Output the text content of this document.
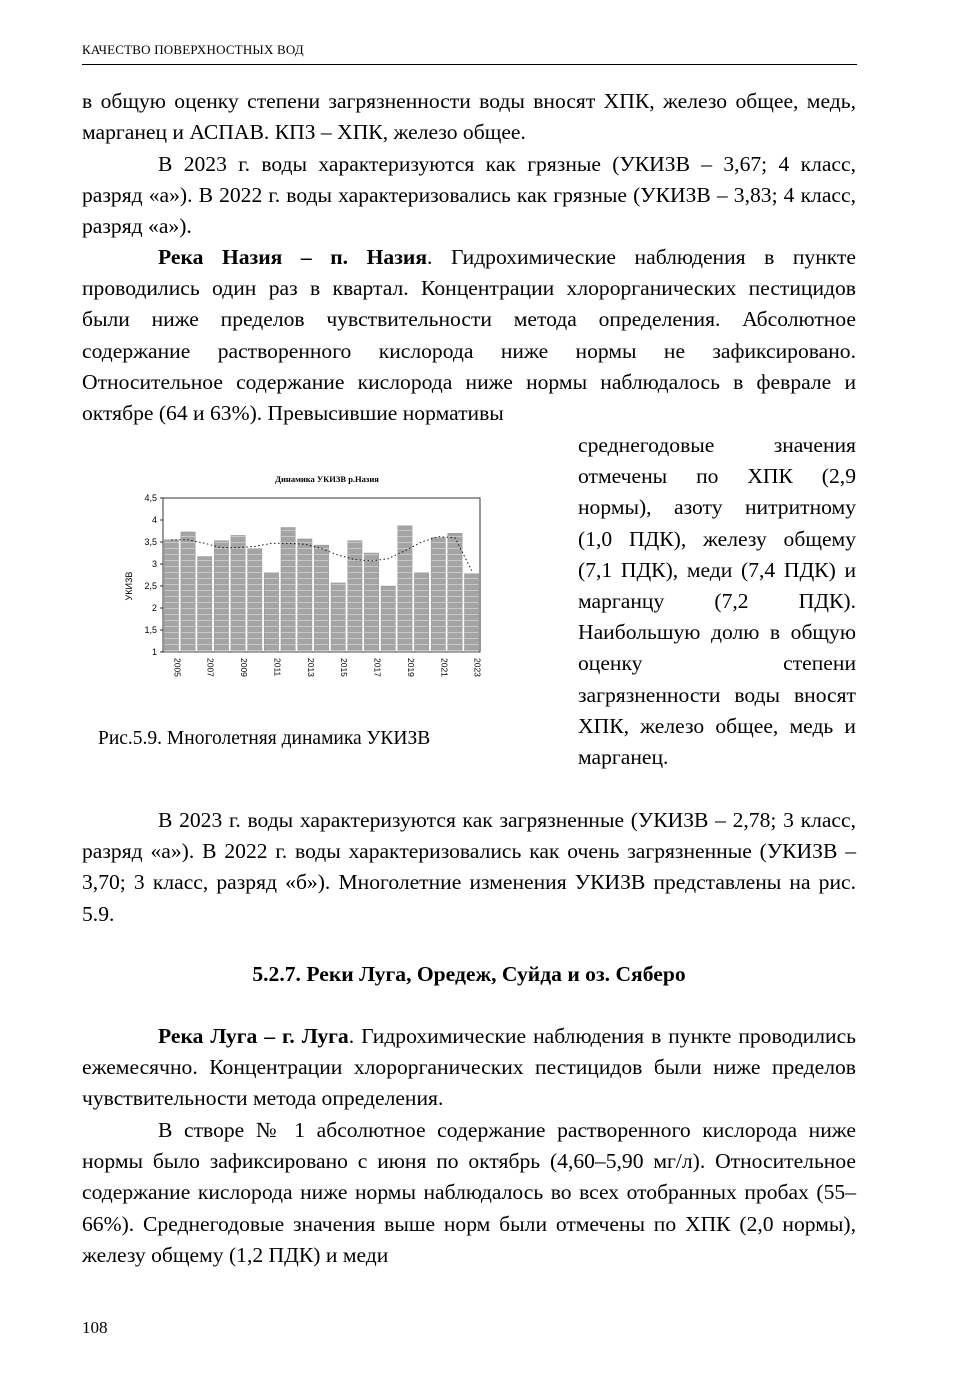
КАЧЕСТВО ПОВЕРХНОСТНЫХ ВОД

в общую оценку степени загрязненности воды вносят ХПК, железо общее, медь, марганец и АСПАВ. КПЗ – ХПК, железо общее.

В 2023 г. воды характеризуются как грязные (УКИЗВ – 3,67; 4 класс, разряд «а»). В 2022 г. воды характеризовались как грязные (УКИЗВ – 3,83; 4 класс, разряд «а»).

Река Назия – п. Назия. Гидрохимические наблюдения в пункте проводились один раз в квартал. Концентрации хлорорганических пестицидов были ниже пределов чувствительности метода определения. Абсолютное содержание растворенного кислорода ниже нормы не зафиксировано. Относительное содержание кислорода ниже нормы наблюдалось в феврале и октябре (64 и 63%). Превысившие нормативы

среднегодовые значения отмечены по ХПК (2,9 нормы), азоту нитритному (1,0 ПДК), железу общему (7,1 ПДК), меди (7,4 ПДК) и марганцу (7,2 ПДК). Наибольшую долю в общую оценку степени загрязненности воды вносят ХПК, железо общее, медь и марганец.

Динамика УКИЗВ р.Назия
УКИЗВ
1
1,5
2
2,5
3
3,5
4
4,5
2005	2007	2009	2011	2013	2015	2017	2019	2021	2023
Рис.5.9. Многолетняя динамика УКИЗВ

В 2023 г. воды характеризуются как загрязненные (УКИЗВ – 2,78; 3 класс, разряд «а»). В 2022 г. воды характеризовались как очень загрязненные (УКИЗВ – 3,70; 3 класс, разряд «б»). Многолетние изменения УКИЗВ представлены на рис. 5.9.

5.2.7. Реки Луга, Оредеж, Суйда и оз. Сяберо

Река Луга – г. Луга. Гидрохимические наблюдения в пункте проводились ежемесячно. Концентрации хлорорганических пестицидов были ниже пределов чувствительности метода определения.

В створе № 1 абсолютное содержание растворенного кислорода ниже нормы было зафиксировано с июня по октябрь (4,60–5,90 мг/л). Относительное содержание кислорода ниже нормы наблюдалось во всех отобранных пробах (55–66%). Среднегодовые значения выше норм были отмечены по ХПК (2,0 нормы), железу общему (1,2 ПДК) и меди

108
